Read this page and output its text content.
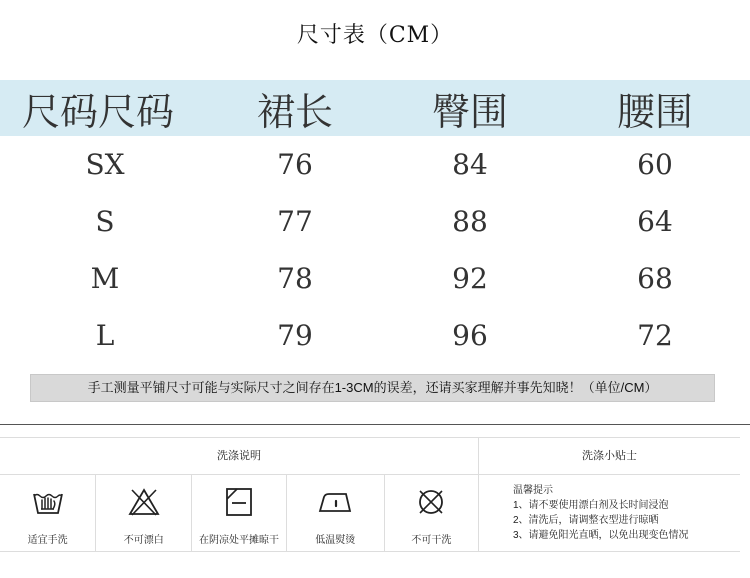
尺寸表（CM）
尺码尺码	裙长	臀围	腰围
SX	76	84	60
S	77	88	64
M	78	92	68
L	79	96	72
手工测量平铺尺寸可能与实际尺寸之间存在1-3CM的误差，还请买家理解并事先知晓！（单位/CM）
洗涤说明
适宜手洗	不可漂白	在阴凉处平摊晾干	低温熨烫	不可干洗
洗涤小贴士
温馨提示
1、请不要使用漂白剂及长时间浸泡
2、清洗后，请调整衣型进行晾晒
3、请避免阳光直晒，以免出现变色情况
